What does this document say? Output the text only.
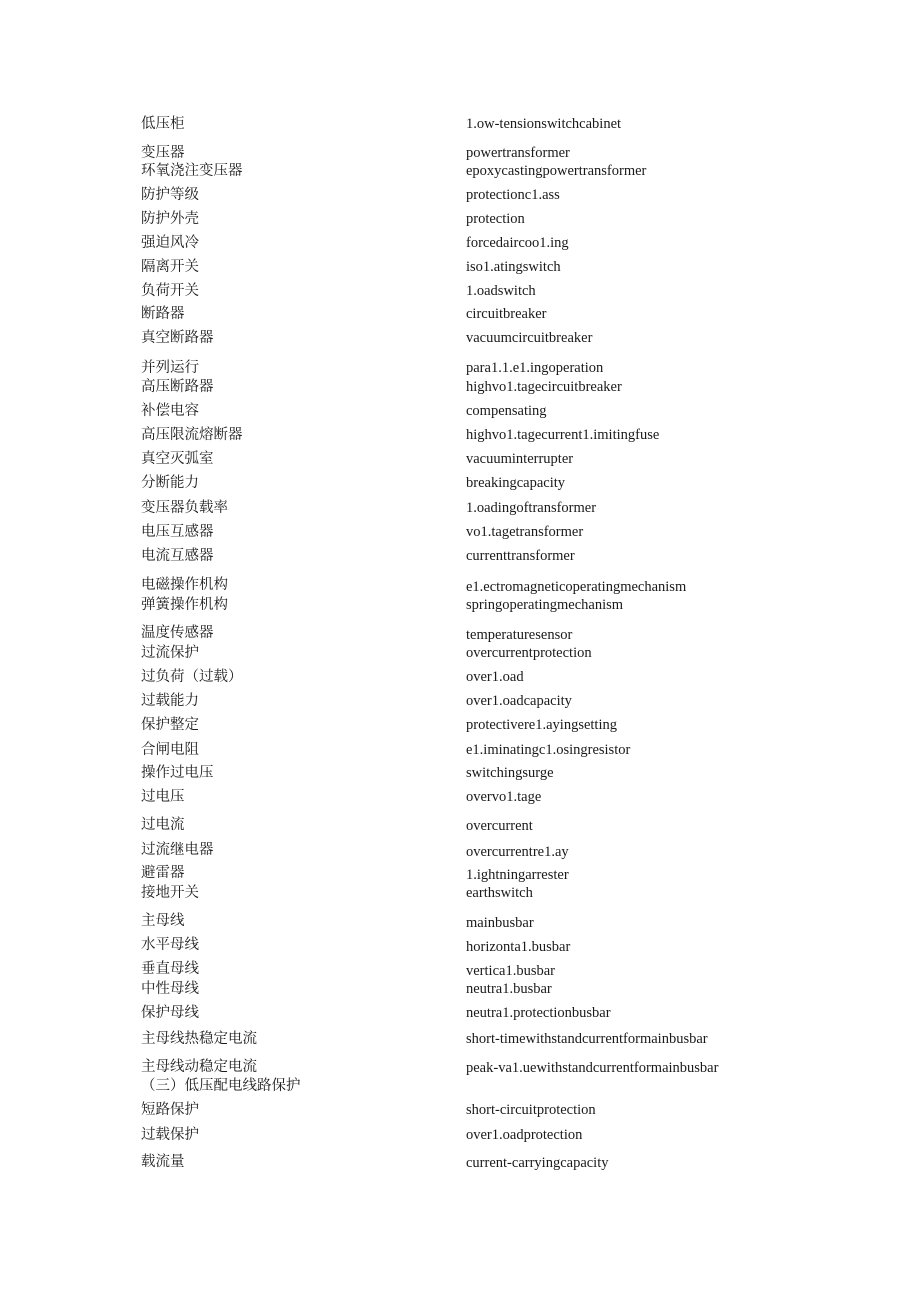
低压柜	1.ow-tensionswitchcabinet
变压器	powertransformer
环氧浇注变压器	epoxycastingpowertransformer
防护等级	protectionc1.ass
防护外壳	protection
强迫风冷	forcedaircoo1.ing
隔离开关	iso1.atingswitch
负荷开关	1.oadswitch
断路器	circuitbreaker
真空断路器	vacuumcircuitbreaker
并列运行	para1.1.e1.ingoperation
高压断路器	highvo1.tagecircuitbreaker
补偿电容	compensating
高压限流熔断器	highvo1.tagecurrent1.imitingfuse
真空灭弧室	vacuuminterrupter
分断能力	breakingcapacity
变压器负载率	1.oadingoftransformer
电压互感器	vo1.tagetransformer
电流互感器	currenttransformer
电磁操作机构	e1.ectromagneticoperatingmechanism
弹簧操作机构	springoperatingmechanism
温度传感器	temperaturesensor
过流保护	overcurrentprotection
过负荷（过载）	over1.oad
过载能力	over1.oadcapacity
保护整定	protectivere1.ayingsetting
合闸电阻	e1.iminatingc1.osingresistor
操作过电压	switchingsurge
过电压	overvo1.tage
过电流	overcurrent
过流继电器	overcurrentre1.ay
避雷器	1.ightningarrester
接地开关	earthswitch
主母线	mainbusbar
水平母线	horizonta1.busbar
垂直母线	vertica1.busbar
中性母线	neutra1.busbar
保护母线	neutra1.protectionbusbar
主母线热稳定电流	short-timewithstandcurrentformainbusbar
主母线动稳定电流	peak-va1.uewithstandcurrentformainbusbar
（三）低压配电线路保护
短路保护	short-circuitprotection
过载保护	over1.oadprotection
载流量	current-carryingcapacity
